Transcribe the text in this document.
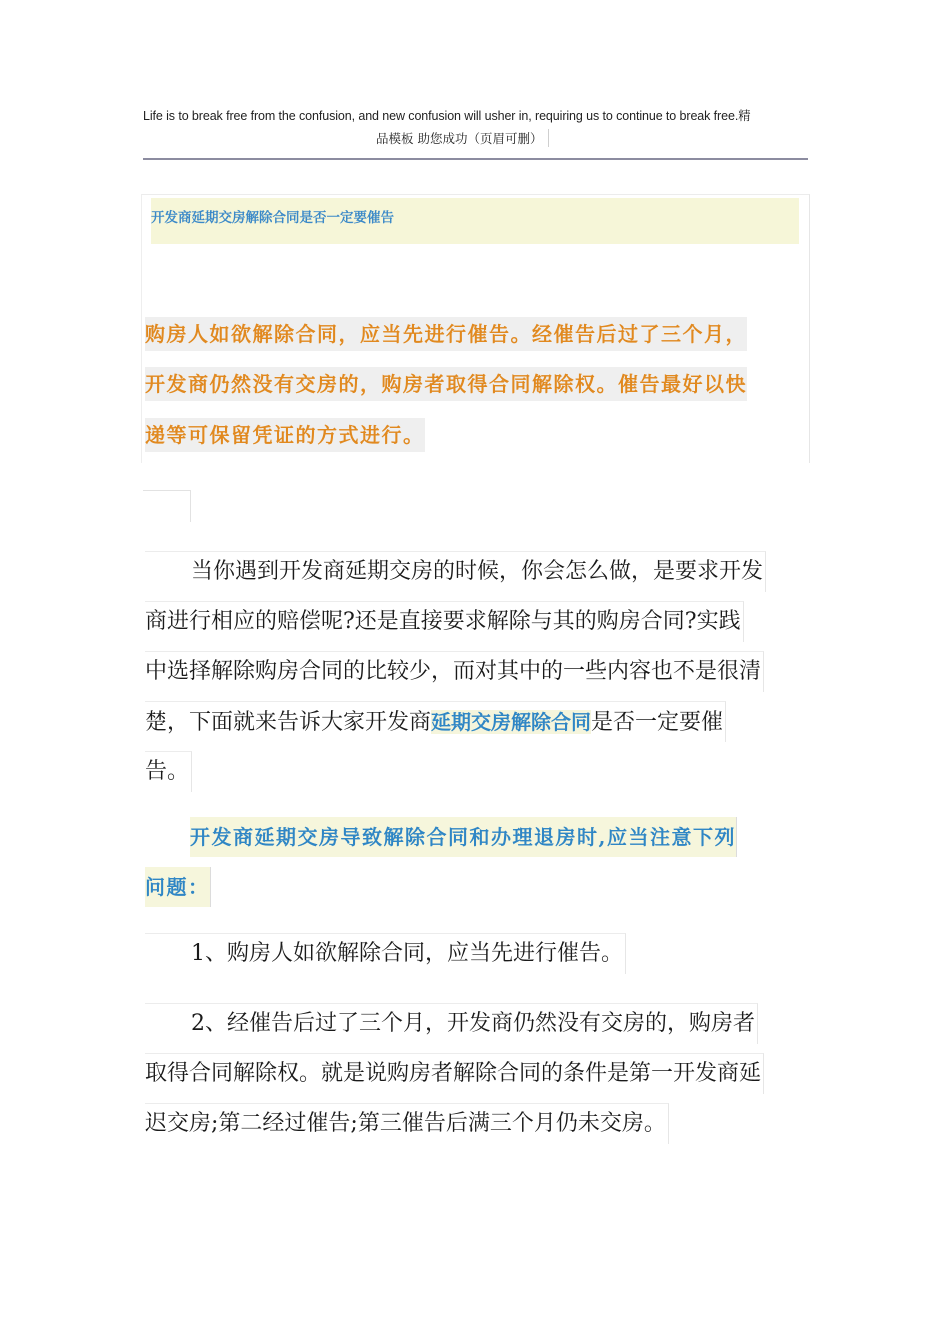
Life is to break free from the confusion, and new confusion will usher in, requiring us to continue to break free.精
品模板 助您成功（页眉可删）
开发商延期交房解除合同是否一定要催告
购房人如欲解除合同，应当先进行催告。经催告后过了三个月，
开发商仍然没有交房的，购房者取得合同解除权。催告最好以快
递等可保留凭证的方式进行。
当你遇到开发商延期交房的时候，你会怎么做，是要求开发
商进行相应的赔偿呢?还是直接要求解除与其的购房合同?实践
中选择解除购房合同的比较少，而对其中的一些内容也不是很清
楚，下面就来告诉大家开发商延期交房解除合同是否一定要催
告。
开发商延期交房导致解除合同和办理退房时,应当注意下列
问题：
1、购房人如欲解除合同，应当先进行催告。
2、经催告后过了三个月，开发商仍然没有交房的，购房者
取得合同解除权。就是说购房者解除合同的条件是第一开发商延
迟交房;第二经过催告;第三催告后满三个月仍未交房。
